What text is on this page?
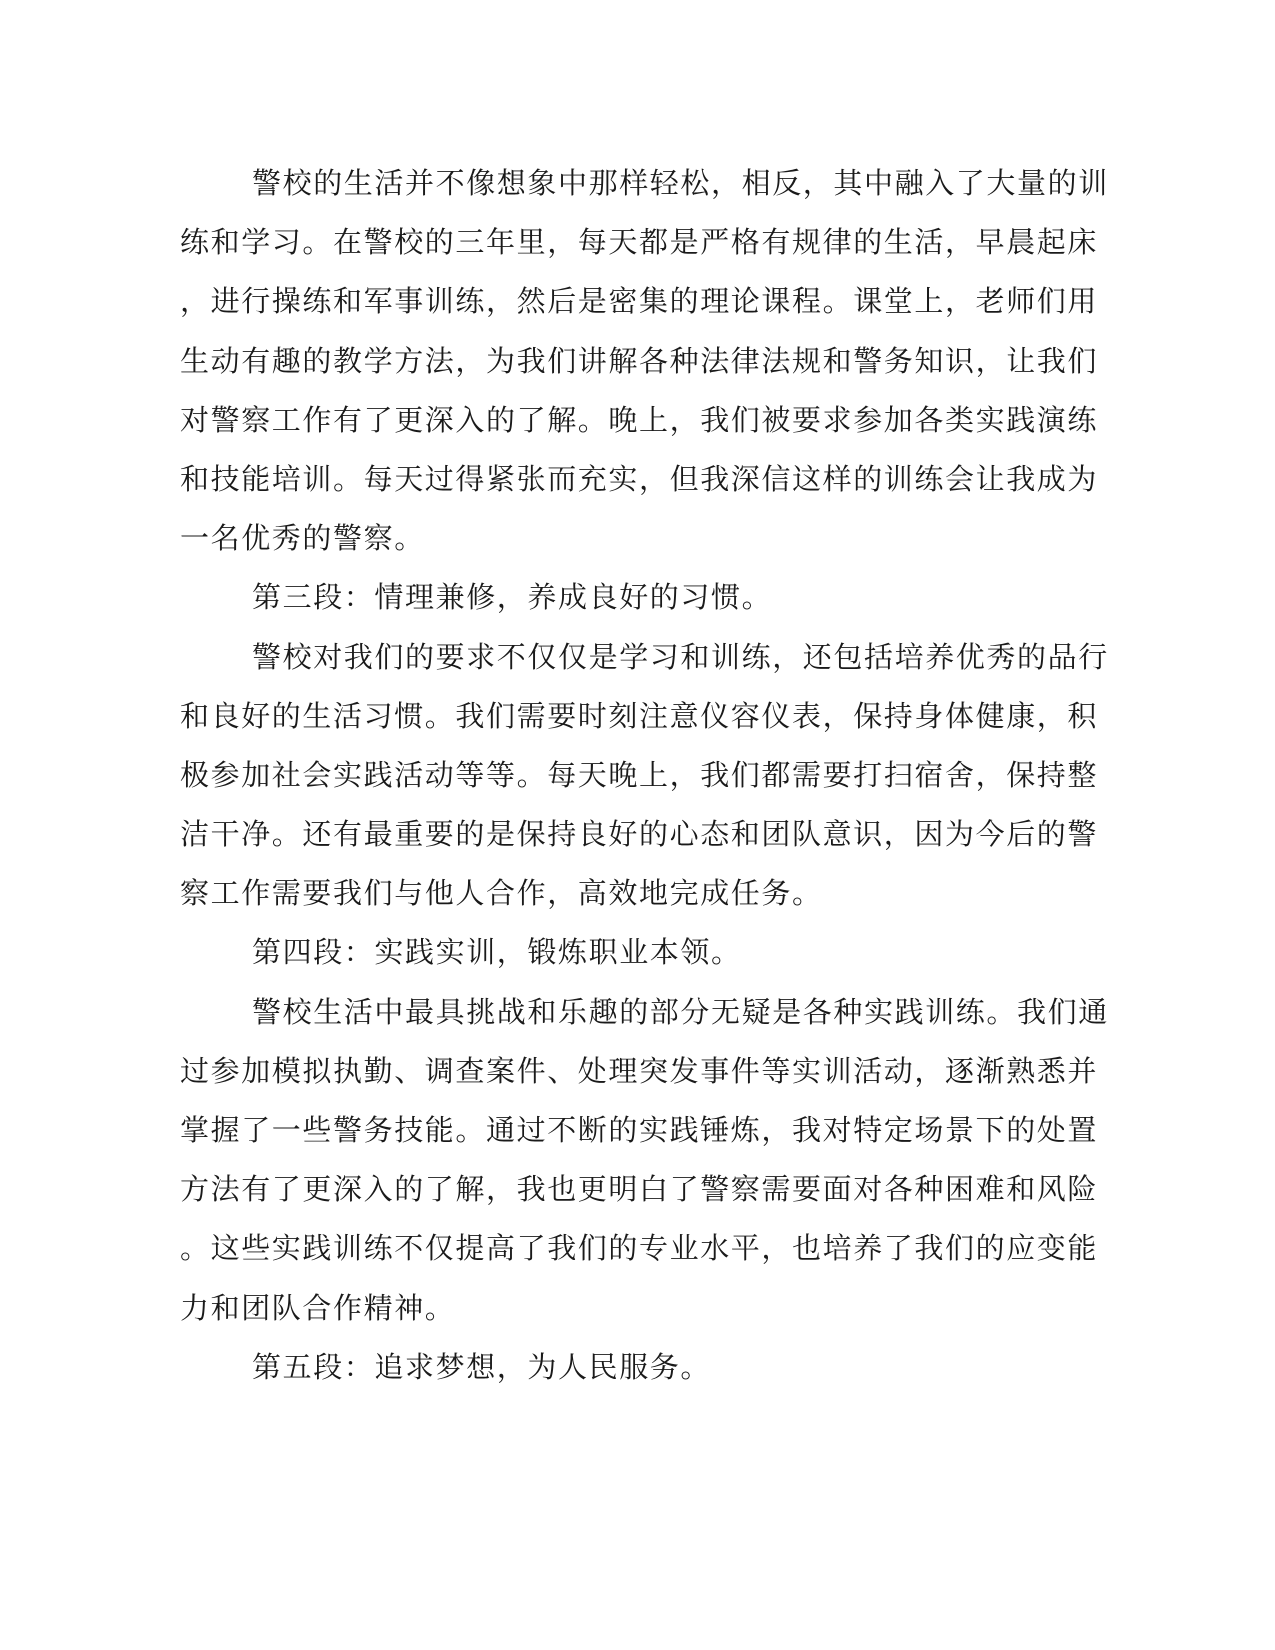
警校的生活并不像想象中那样轻松，相反，其中融入了大量的训
练和学习。在警校的三年里，每天都是严格有规律的生活，早晨起床
，进行操练和军事训练，然后是密集的理论课程。课堂上，老师们用
生动有趣的教学方法，为我们讲解各种法律法规和警务知识，让我们
对警察工作有了更深入的了解。晚上，我们被要求参加各类实践演练
和技能培训。每天过得紧张而充实，但我深信这样的训练会让我成为
一名优秀的警察。
第三段：情理兼修，养成良好的习惯。
警校对我们的要求不仅仅是学习和训练，还包括培养优秀的品行
和良好的生活习惯。我们需要时刻注意仪容仪表，保持身体健康，积
极参加社会实践活动等等。每天晚上，我们都需要打扫宿舍，保持整
洁干净。还有最重要的是保持良好的心态和团队意识，因为今后的警
察工作需要我们与他人合作，高效地完成任务。
第四段：实践实训，锻炼职业本领。
警校生活中最具挑战和乐趣的部分无疑是各种实践训练。我们通
过参加模拟执勤、调查案件、处理突发事件等实训活动，逐渐熟悉并
掌握了一些警务技能。通过不断的实践锤炼，我对特定场景下的处置
方法有了更深入的了解，我也更明白了警察需要面对各种困难和风险
。这些实践训练不仅提高了我们的专业水平，也培养了我们的应变能
力和团队合作精神。
第五段：追求梦想，为人民服务。
